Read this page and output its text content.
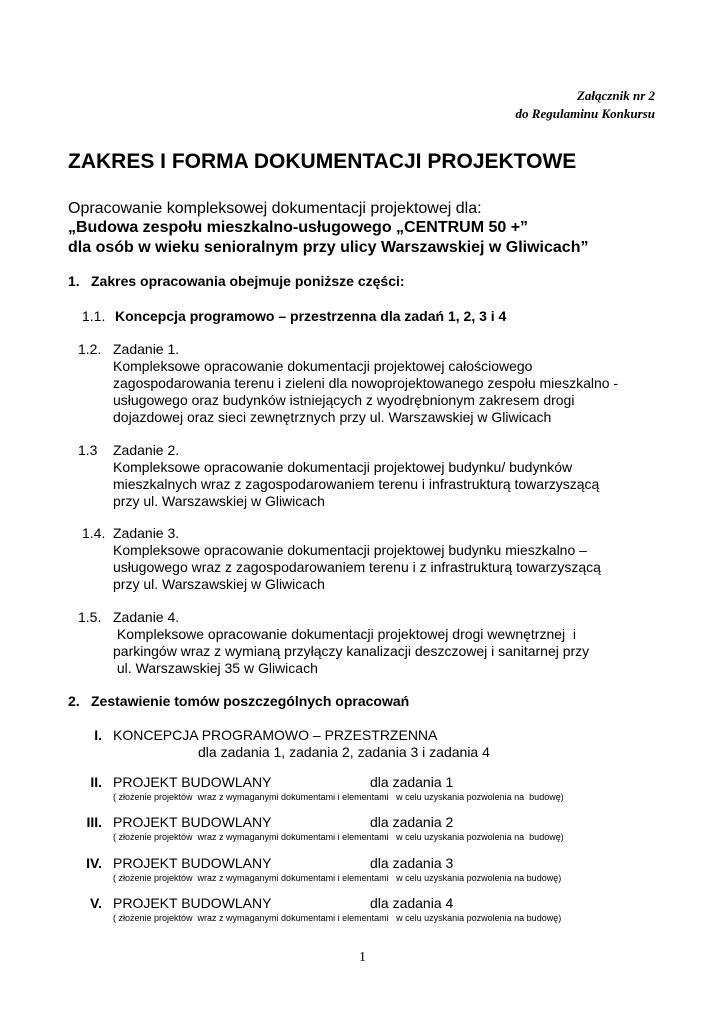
Załącznik nr 2
do Regulaminu Konkursu
ZAKRES I FORMA DOKUMENTACJI PROJEKTOWE
Opracowanie kompleksowej dokumentacji projektowej dla:
„Budowa zespołu mieszkalno-usługowego „CENTRUM 50 +”
dla osób w wieku senioralnym przy ulicy Warszawskiej w Gliwicach”
1. Zakres opracowania obejmuje poniższe części:
1.1. Koncepcja programowo – przestrzenna dla zadań 1, 2, 3 i 4
1.2. Zadanie 1.
Kompleksowe opracowanie dokumentacji projektowej całościowego
zagospodarowania terenu i zieleni dla nowoprojektowanego zespołu mieszkalno -
usługowego oraz budynków istniejących z wyodrębnionym zakresem drogi
dojazdowej oraz sieci zewnętrznych przy ul. Warszawskiej w Gliwicach
1.3 Zadanie 2.
Kompleksowe opracowanie dokumentacji projektowej budynku/ budynków
mieszkalnych wraz z zagospodarowaniem terenu i infrastrukturą towarzyszącą
przy ul. Warszawskiej w Gliwicach
1.4. Zadanie 3.
Kompleksowe opracowanie dokumentacji projektowej budynku mieszkalno –
usługowego wraz z zagospodarowaniem terenu i z infrastrukturą towarzyszącą
przy ul. Warszawskiej w Gliwicach
1.5. Zadanie 4.
Kompleksowe opracowanie dokumentacji projektowej drogi wewnętrznej  i
parkingów wraz z wymianą przyłączy kanalizacji deszczowej i sanitarnej przy
ul. Warszawskiej 35 w Gliwicach
2. Zestawienie tomów poszczególnych opracowań
I. KONCEPCJA PROGRAMOWO – PRZESTRZENNA
dla zadania 1, zadania 2, zadania 3 i zadania 4
II. PROJEKT BUDOWLANY	dla zadania 1
( złożenie projektów  wraz z wymaganymi dokumentami i elementami   w celu uzyskania pozwolenia na  budowę)
III. PROJEKT BUDOWLANY	dla zadania 2
( złożenie projektów  wraz z wymaganymi dokumentami i elementami   w celu uzyskania pozwolenia na  budowę)
IV. PROJEKT BUDOWLANY	dla zadania 3
( złożenie projektów  wraz z wymaganymi dokumentami i elementami   w celu uzyskania pozwolenia na budowę)
V. PROJEKT BUDOWLANY	dla zadania 4
( złożenie projektów  wraz z wymaganymi dokumentami i elementami   w celu uzyskania pozwolenia na budowę)
1
